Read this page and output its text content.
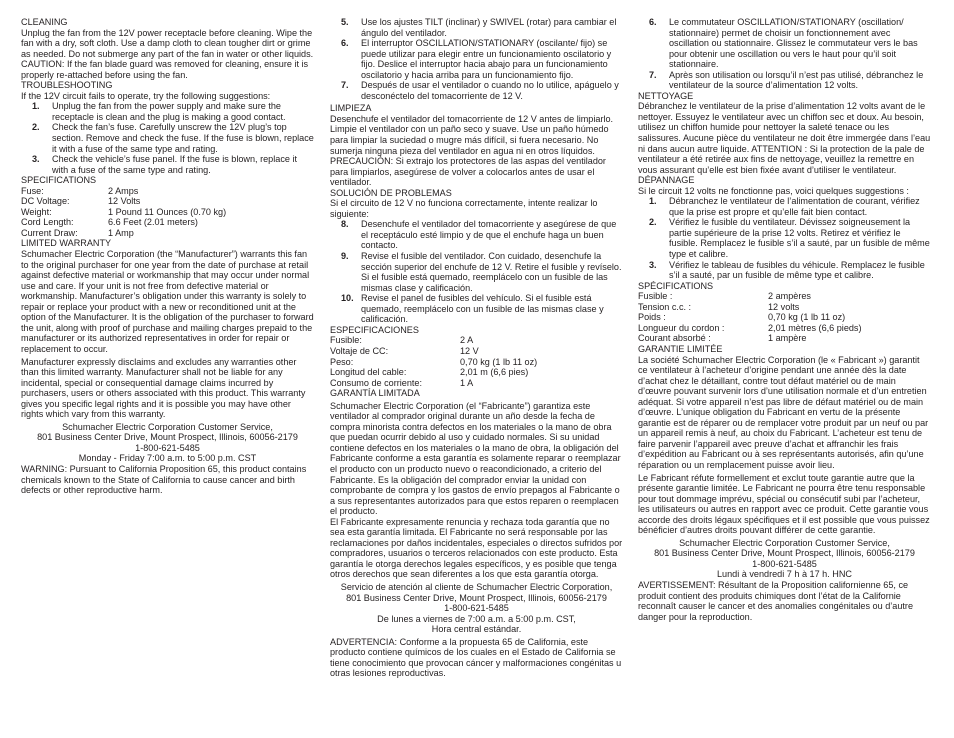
CLEANING

Unplug the fan from the 12V power receptacle before cleaning. Wipe the fan with a dry, soft cloth. Use a damp cloth to clean tougher dirt or grime as needed. Do not submerge any part of the fan in water or other liquids. CAUTION: If the fan blade guard was removed for cleaning, ensure it is properly re-attached before using the fan.

TROUBLESHOOTING

If the 12V circuit fails to operate, try the following suggestions:

1. Unplug the fan from the power supply and make sure the receptacle is clean and the plug is making a good contact.
2. Check the fan’s fuse. Carefully unscrew the 12V plug’s top section. Remove and check the fuse. If the fuse is blown, replace it with a fuse of the same type and rating.
3. Check the vehicle’s fuse panel. If the fuse is blown, replace it with a fuse of the same type and rating.
SPECIFICATIONS
Fuse:	2 Amps
DC Voltage:	12 Volts
Weight:	1 Pound 11 Ounces (0.70 kg)
Cord Length:	6.6 Feet (2.01 meters)
Current Draw:	1 Amp
LIMITED WARRANTY

Schumacher Electric Corporation (the “Manufacturer”) warrants this fan to the original purchaser for one year from the date of purchase at retail against defective material or workmanship that may occur under normal use and care. If your unit is not free from defective material or workmanship. Manufacturer’s obligation under this warranty is solely to repair or replace your product with a new or reconditioned unit at the option of the Manufacturer. It is the obligation of the purchaser to forward the unit, along with proof of purchase and mailing charges prepaid to the manufacturer or its authorized representatives in order for repair or replacement to occur.

Manufacturer expressly disclaims and excludes any warranties other than this limited warranty. Manufacturer shall not be liable for any incidental, special or consequential damage claims incurred by purchasers, users or others associated with this product. This warranty gives you specific legal rights and it is possible you may have other rights which vary from this warranty.

Schumacher Electric Corporation Customer Service,
801 Business Center Drive, Mount Prospect, Illinois, 60056-2179
1-800-621-5485
Monday - Friday 7:00 a.m. to 5:00 p.m. CST

WARNING: Pursuant to California Proposition 65, this product contains chemicals known to the State of California to cause cancer and birth defects or other reproductive harm.

5. Use los ajustes TILT (inclinar) y SWIVEL (rotar) para cambiar el ángulo del ventilador.
6. El interruptor OSCILLATION/STATIONARY (oscilante/ fijo) se puede utilizar para elegir entre un funcionamiento oscilatorio y fijo. Deslice el interruptor hacia abajo para un funcionamiento oscilatorio y hacia arriba para un funcionamiento fijo.
7. Después de usar el ventilador o cuando no lo utilice, apáguelo y desconéctelo del tomacorriente de 12 V.
LIMPIEZA

Desenchufe el ventilador del tomacorriente de 12 V antes de limpiarlo. Limpie el ventilador con un paño seco y suave. Use un paño húmedo para limpiar la suciedad o mugre más difícil, si fuera necesario. No sumerja ninguna pieza del ventilador en agua ni en otros líquidos. PRECAUCIÓN: Si extrajo los protectores de las aspas del ventilador para limpiarlos, asegúrese de volver a colocarlos antes de usar el ventilador.

SOLUCIÓN DE PROBLEMAS

Si el circuito de 12 V no funciona correctamente, intente realizar lo siguiente:

8. Desenchufe el ventilador del tomacorriente y asegúrese de que el receptáculo esté limpio y de que el enchufe haga un buen contacto.
9. Revise el fusible del ventilador. Con cuidado, desenchufe la sección superior del enchufe de 12 V. Retire el fusible y revíselo. Si el fusible está quemado, reemplácelo con un fusible de las mismas clase y calificación.
10. Revise el panel de fusibles del vehículo. Si el fusible está quemado, reemplácelo con un fusible de las mismas clase y calificación.
ESPECIFICACIONES
Fusible:	2 A
Voltaje de CC:	12 V
Peso:	0,70 kg (1 lb 11 oz)
Longitud del cable:	2,01 m (6,6 pies)
Consumo de corriente:	1 A
GARANTÍA LIMITADA

Schumacher Electric Corporation (el “Fabricante”) garantiza este ventilador al comprador original durante un año desde la fecha de compra minorista contra defectos en los materiales o la mano de obra que puedan ocurrir debido al uso y cuidado normales. Si su unidad contiene defectos en los materiales o la mano de obra, la obligación del Fabricante conforme a esta garantía es solamente reparar o reemplazar el producto con un producto nuevo o reacondicionado, a criterio del Fabricante. Es la obligación del comprador enviar la unidad con comprobante de compra y los gastos de envío prepagos al Fabricante o a sus representantes autorizados para que estos reparen o reemplacen el producto.

El Fabricante expresamente renuncia y rechaza toda garantía que no sea esta garantía limitada. El Fabricante no será responsable por las reclamaciones por daños incidentales, especiales o directos sufridos por compradores, usuarios o terceros relacionados con este producto. Esta garantía le otorga derechos legales específicos, y es posible que tenga otros derechos que sean diferentes a los que esta garantía otorga.

Servicio de atención al cliente de Schumacher Electric Corporation,
801 Business Center Drive, Mount Prospect, Illinois, 60056-2179
1-800-621-5485
De lunes a viernes de 7:00 a.m. a 5:00 p.m. CST,
Hora central estándar.

ADVERTENCIA: Conforme a la propuesta 65 de California, este producto contiene químicos de los cuales en el Estado de California se tiene conocimiento que provocan cáncer y malformaciones congénitas u otras lesiones reproductivas.

6. Le commutateur OSCILLATION/STATIONARY (oscillation/ stationnaire) permet de choisir un fonctionnement avec oscillation ou stationnaire. Glissez le commutateur vers le bas pour obtenir une oscillation ou vers le haut pour qu’il soit stationnaire.
7. Après son utilisation ou lorsqu’il n’est pas utilisé, débranchez le ventilateur de la source d’alimentation 12 volts.
NETTOYAGE

Débranchez le ventilateur de la prise d’alimentation 12 volts avant de le nettoyer. Essuyez le ventilateur avec un chiffon sec et doux. Au besoin, utilisez un chiffon humide pour nettoyer la saleté tenace ou les salissures. Aucune pièce du ventilateur ne doit être immergée dans l’eau ni dans aucun autre liquide. ATTENTION : Si la protection de la pale de ventilateur a été retirée aux fins de nettoyage, veuillez la remettre en vous assurant qu’elle est bien fixée avant d’utiliser le ventilateur.

DÉPANNAGE

Si le circuit 12 volts ne fonctionne pas, voici quelques suggestions :

1. Débranchez le ventilateur de l’alimentation de courant, vérifiez que la prise est propre et qu’elle fait bien contact.
2. Vérifiez le fusible du ventilateur. Dévissez soigneusement la partie supérieure de la prise 12 volts. Retirez et vérifiez le fusible. Remplacez le fusible s’il a sauté, par un fusible de même type et calibre.
3. Vérifiez le tableau de fusibles du véhicule. Remplacez le fusible s’il a sauté, par un fusible de même type et calibre.
SPÉCIFICATIONS
Fusible :	2 ampères
Tension c.c. :	12 volts
Poids :	0,70 kg (1 lb 11 oz)
Longueur du cordon :	2,01 mètres (6,6 pieds)
Courant absorbé :	1 ampère
GARANTIE LIMITÉE

La société Schumacher Electric Corporation (le « Fabricant ») garantit ce ventilateur à l’acheteur d’origine pendant une année dès la date d’achat chez le détaillant, contre tout défaut matériel ou de main d’œuvre pouvant survenir lors d’une utilisation normale et d’un entretien adéquat. Si votre appareil n’est pas libre de défaut matériel ou de main d’œuvre. L’unique obligation du Fabricant en vertu de la présente garantie est de réparer ou de remplacer votre produit par un neuf ou par un appareil remis à neuf, au choix du Fabricant. L’acheteur est tenu de faire parvenir l’appareil avec preuve d’achat et affranchir les frais d’expédition au Fabricant ou à ses représentants autorisés, afin qu’une réparation ou un remplacement puisse avoir lieu.

Le Fabricant réfute formellement et exclut toute garantie autre que la présente garantie limitée. Le Fabricant ne pourra être tenu responsable pour tout dommage imprévu, spécial ou consécutif subi par l’acheteur, les utilisateurs ou autres en rapport avec ce produit. Cette garantie vous accorde des droits légaux spécifiques et il est possible que vous puissez bénéficier d’autres droits pouvant différer de cette garantie.

Schumacher Electric Corporation Customer Service,
801 Business Center Drive, Mount Prospect, Illinois, 60056-2179
1-800-621-5485
Lundi à vendredi 7 h à 17 h. HNC

AVERTISSEMENT: Résultant de la Proposition californienne 65, ce produit contient des produits chimiques dont l’état de la Californie reconnaît causer le cancer et des anomalies congénitales ou d’autre danger pour la reproduction.
